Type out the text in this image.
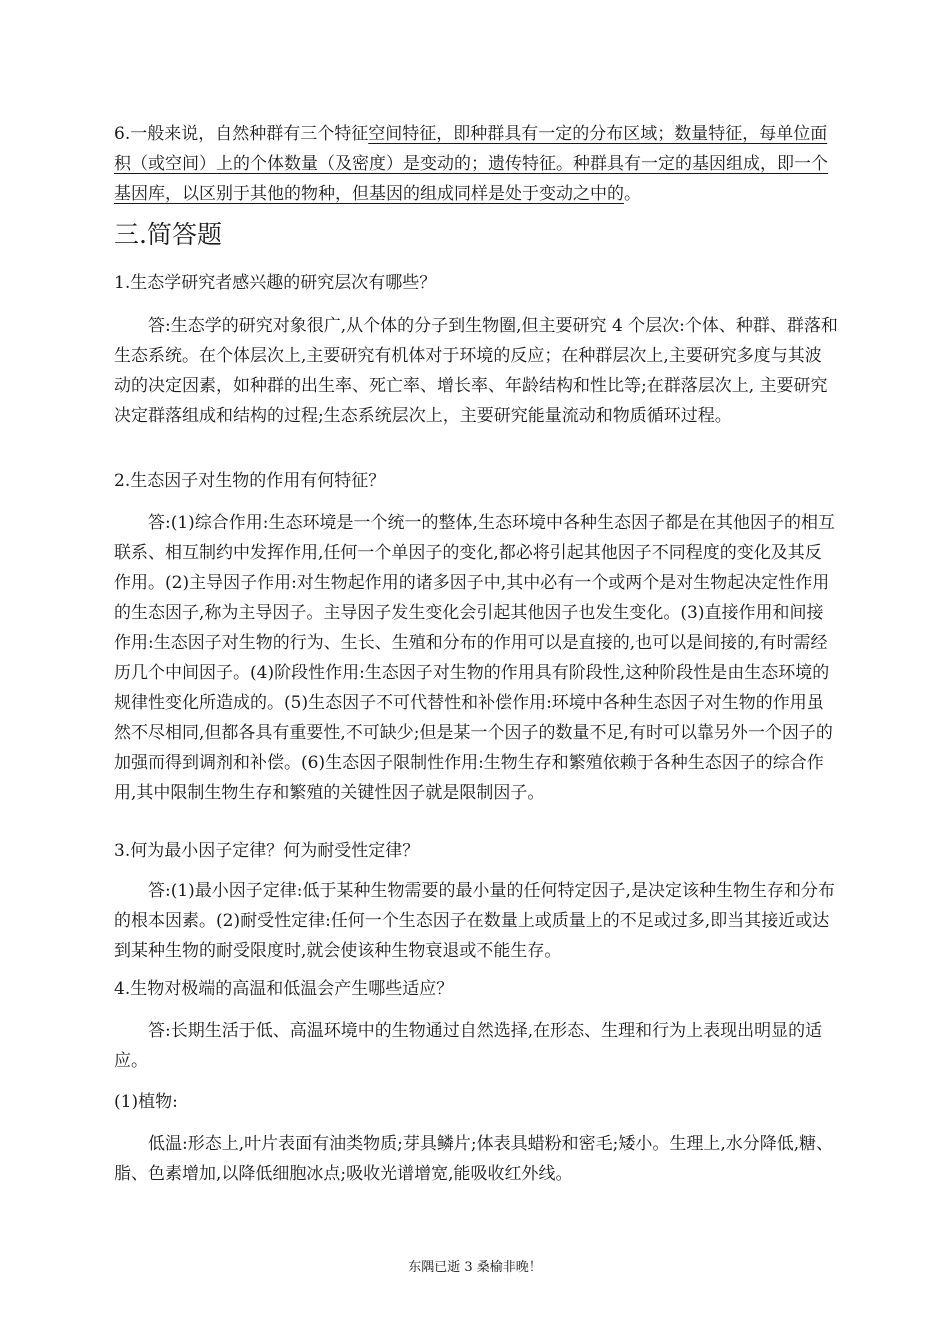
6.一般来说，自然种群有三个特征空间特征，即种群具有一定的分布区域；数量特征，每单位面积（或空间）上的个体数量（及密度）是变动的；遗传特征。种群具有一定的基因组成，即一个基因库，以区别于其他的物种，但基因的组成同样是处于变动之中的。

三.简答题

1.生态学研究者感兴趣的研究层次有哪些？

答:生态学的研究对象很广,从个体的分子到生物圈,但主要研究 4 个层次:个体、种群、群落和生态系统。在个体层次上,主要研究有机体对于环境的反应；在种群层次上,主要研究多度与其波动的决定因素，如种群的出生率、死亡率、增长率、年龄结构和性比等;在群落层次上, 主要研究决定群落组成和结构的过程;生态系统层次上，主要研究能量流动和物质循环过程。

2.生态因子对生物的作用有何特征？

答:(1)综合作用:生态环境是一个统一的整体,生态环境中各种生态因子都是在其他因子的相互联系、相互制约中发挥作用,任何一个单因子的变化,都必将引起其他因子不同程度的变化及其反作用。(2)主导因子作用:对生物起作用的诸多因子中,其中必有一个或两个是对生物起决定性作用的生态因子,称为主导因子。主导因子发生变化会引起其他因子也发生变化。(3)直接作用和间接作用:生态因子对生物的行为、生长、生殖和分布的作用可以是直接的,也可以是间接的,有时需经历几个中间因子。(4)阶段性作用:生态因子对生物的作用具有阶段性,这种阶段性是由生态环境的规律性变化所造成的。(5)生态因子不可代替性和补偿作用:环境中各种生态因子对生物的作用虽然不尽相同,但都各具有重要性,不可缺少;但是某一个因子的数量不足,有时可以靠另外一个因子的加强而得到调剂和补偿。(6)生态因子限制性作用:生物生存和繁殖依赖于各种生态因子的综合作用,其中限制生物生存和繁殖的关键性因子就是限制因子。

3.何为最小因子定律？何为耐受性定律？

答:(1)最小因子定律:低于某种生物需要的最小量的任何特定因子,是决定该种生物生存和分布的根本因素。(2)耐受性定律:任何一个生态因子在数量上或质量上的不足或过多,即当其接近或达到某种生物的耐受限度时,就会使该种生物衰退或不能生存。

4.生物对极端的高温和低温会产生哪些适应？

答:长期生活于低、高温环境中的生物通过自然选择,在形态、生理和行为上表现出明显的适应。

(1)植物:

低温:形态上,叶片表面有油类物质;芽具鳞片;体表具蜡粉和密毛;矮小。生理上,水分降低,糖、脂、色素增加,以降低细胞冰点;吸收光谱增宽,能吸收红外线。

东隅已逝 3 桑榆非晚！
